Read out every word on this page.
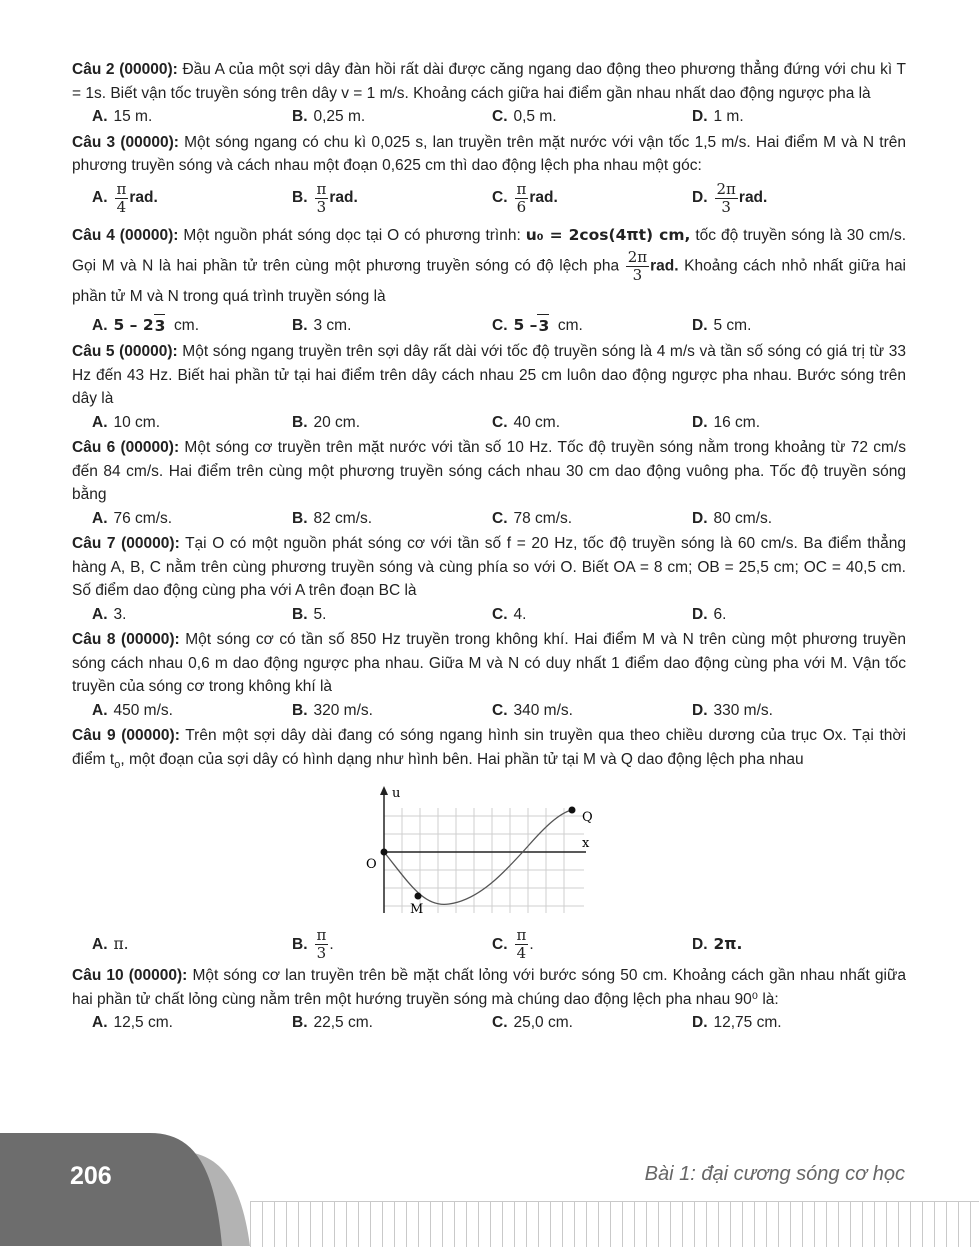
Câu 2 (00000): Đầu A của một sợi dây đàn hồi rất dài được căng ngang dao động theo phương thẳng đứng với chu kì T = 1s. Biết vận tốc truyền sóng trên dây v = 1 m/s. Khoảng cách giữa hai điểm gần nhau nhất dao động ngược pha là
A. 15 m.	B. 0,25 m.	C. 0,5 m.	D. 1 m.
Câu 3 (00000): Một sóng ngang có chu kì 0,025 s, lan truyền trên mặt nước với vận tốc 1,5 m/s. Hai điểm M và N trên phương truyền sóng và cách nhau một đoạn 0,625 cm thì dao động lệch pha nhau một góc:
A. $\frac{\pi}{4}$ rad.	B. $\frac{\pi}{3}$ rad.	C. $\frac{\pi}{6}$ rad.	D. $\frac{2\pi}{3}$ rad.
Câu 4 (00000): Một nguồn phát sóng dọc tại O có phương trình: u₀ = 2cos(4πt) cm, tốc độ truyền sóng là 30 cm/s. Gọi M và N là hai phần tử trên cùng một phương truyền sóng có độ lệch pha $\frac{2\pi}{3}$ rad. Khoảng cách nhỏ nhất giữa hai phần tử M và N trong quá trình truyền sóng là
A. 5 – 2 3
cm.	B. 3 cm.	C. 5 – 3
cm.	D. 5 cm.
Câu 5 (00000): Một sóng ngang truyền trên sợi dây rất dài với tốc độ truyền sóng là 4 m/s và tần số sóng có giá trị từ 33 Hz đến 43 Hz. Biết hai phần tử tại hai điểm trên dây cách nhau 25 cm luôn dao động ngược pha nhau. Bước sóng trên dây là
A. 10 cm.	B. 20 cm.	C. 40 cm.	D. 16 cm.
Câu 6 (00000): Một sóng cơ truyền trên mặt nước với tần số 10 Hz. Tốc độ truyền sóng nằm trong khoảng từ 72 cm/s đến 84 cm/s. Hai điểm trên cùng một phương truyền sóng cách nhau 30 cm dao động vuông pha. Tốc độ truyền sóng bằng
A. 76 cm/s.	B. 82 cm/s.	C. 78 cm/s.	D. 80 cm/s.
Câu 7 (00000): Tại O có một nguồn phát sóng cơ với tần số f = 20 Hz, tốc độ truyền sóng là 60 cm/s. Ba điểm thẳng hàng A, B, C nằm trên cùng phương truyền sóng và cùng phía so với O. Biết OA = 8 cm; OB = 25,5 cm; OC = 40,5 cm. Số điểm dao động cùng pha với A trên đoạn BC là
A. 3.	B. 5.	C. 4.	D. 6.
Câu 8 (00000): Một sóng cơ có tần số 850 Hz truyền trong không khí. Hai điểm M và N trên cùng một phương truyền sóng cách nhau 0,6 m dao động ngược pha nhau. Giữa M và N có duy nhất 1 điểm dao động cùng pha với M. Vận tốc truyền của sóng cơ trong không khí là
A. 450 m/s.	B. 320 m/s.	C. 340 m/s.	D. 330 m/s.
Câu 9 (00000): Trên một sợi dây dài đang có sóng ngang hình sin truyền qua theo chiều dương của trục Ox. Tại thời điểm $t_o$, một đoạn của sợi dây có hình dạng như hình bên. Hai phần tử tại M và Q dao động lệch pha nhau
u
x
O
M
Q
A. π.	B. $\frac{\pi}{3}$ .	C. $\frac{\pi}{4}$ .	D. 2π.
Câu 10 (00000): Một sóng cơ lan truyền trên bề mặt chất lỏng với bước sóng 50 cm. Khoảng cách gần nhau nhất giữa hai phần tử chất lỏng cùng nằm trên một hướng truyền sóng mà chúng dao động lệch pha nhau 90⁰ là:
A. 12,5 cm.	B. 22,5 cm.	C. 25,0 cm.	D. 12,75 cm.
206	Bài 1: đại cương sóng cơ học
